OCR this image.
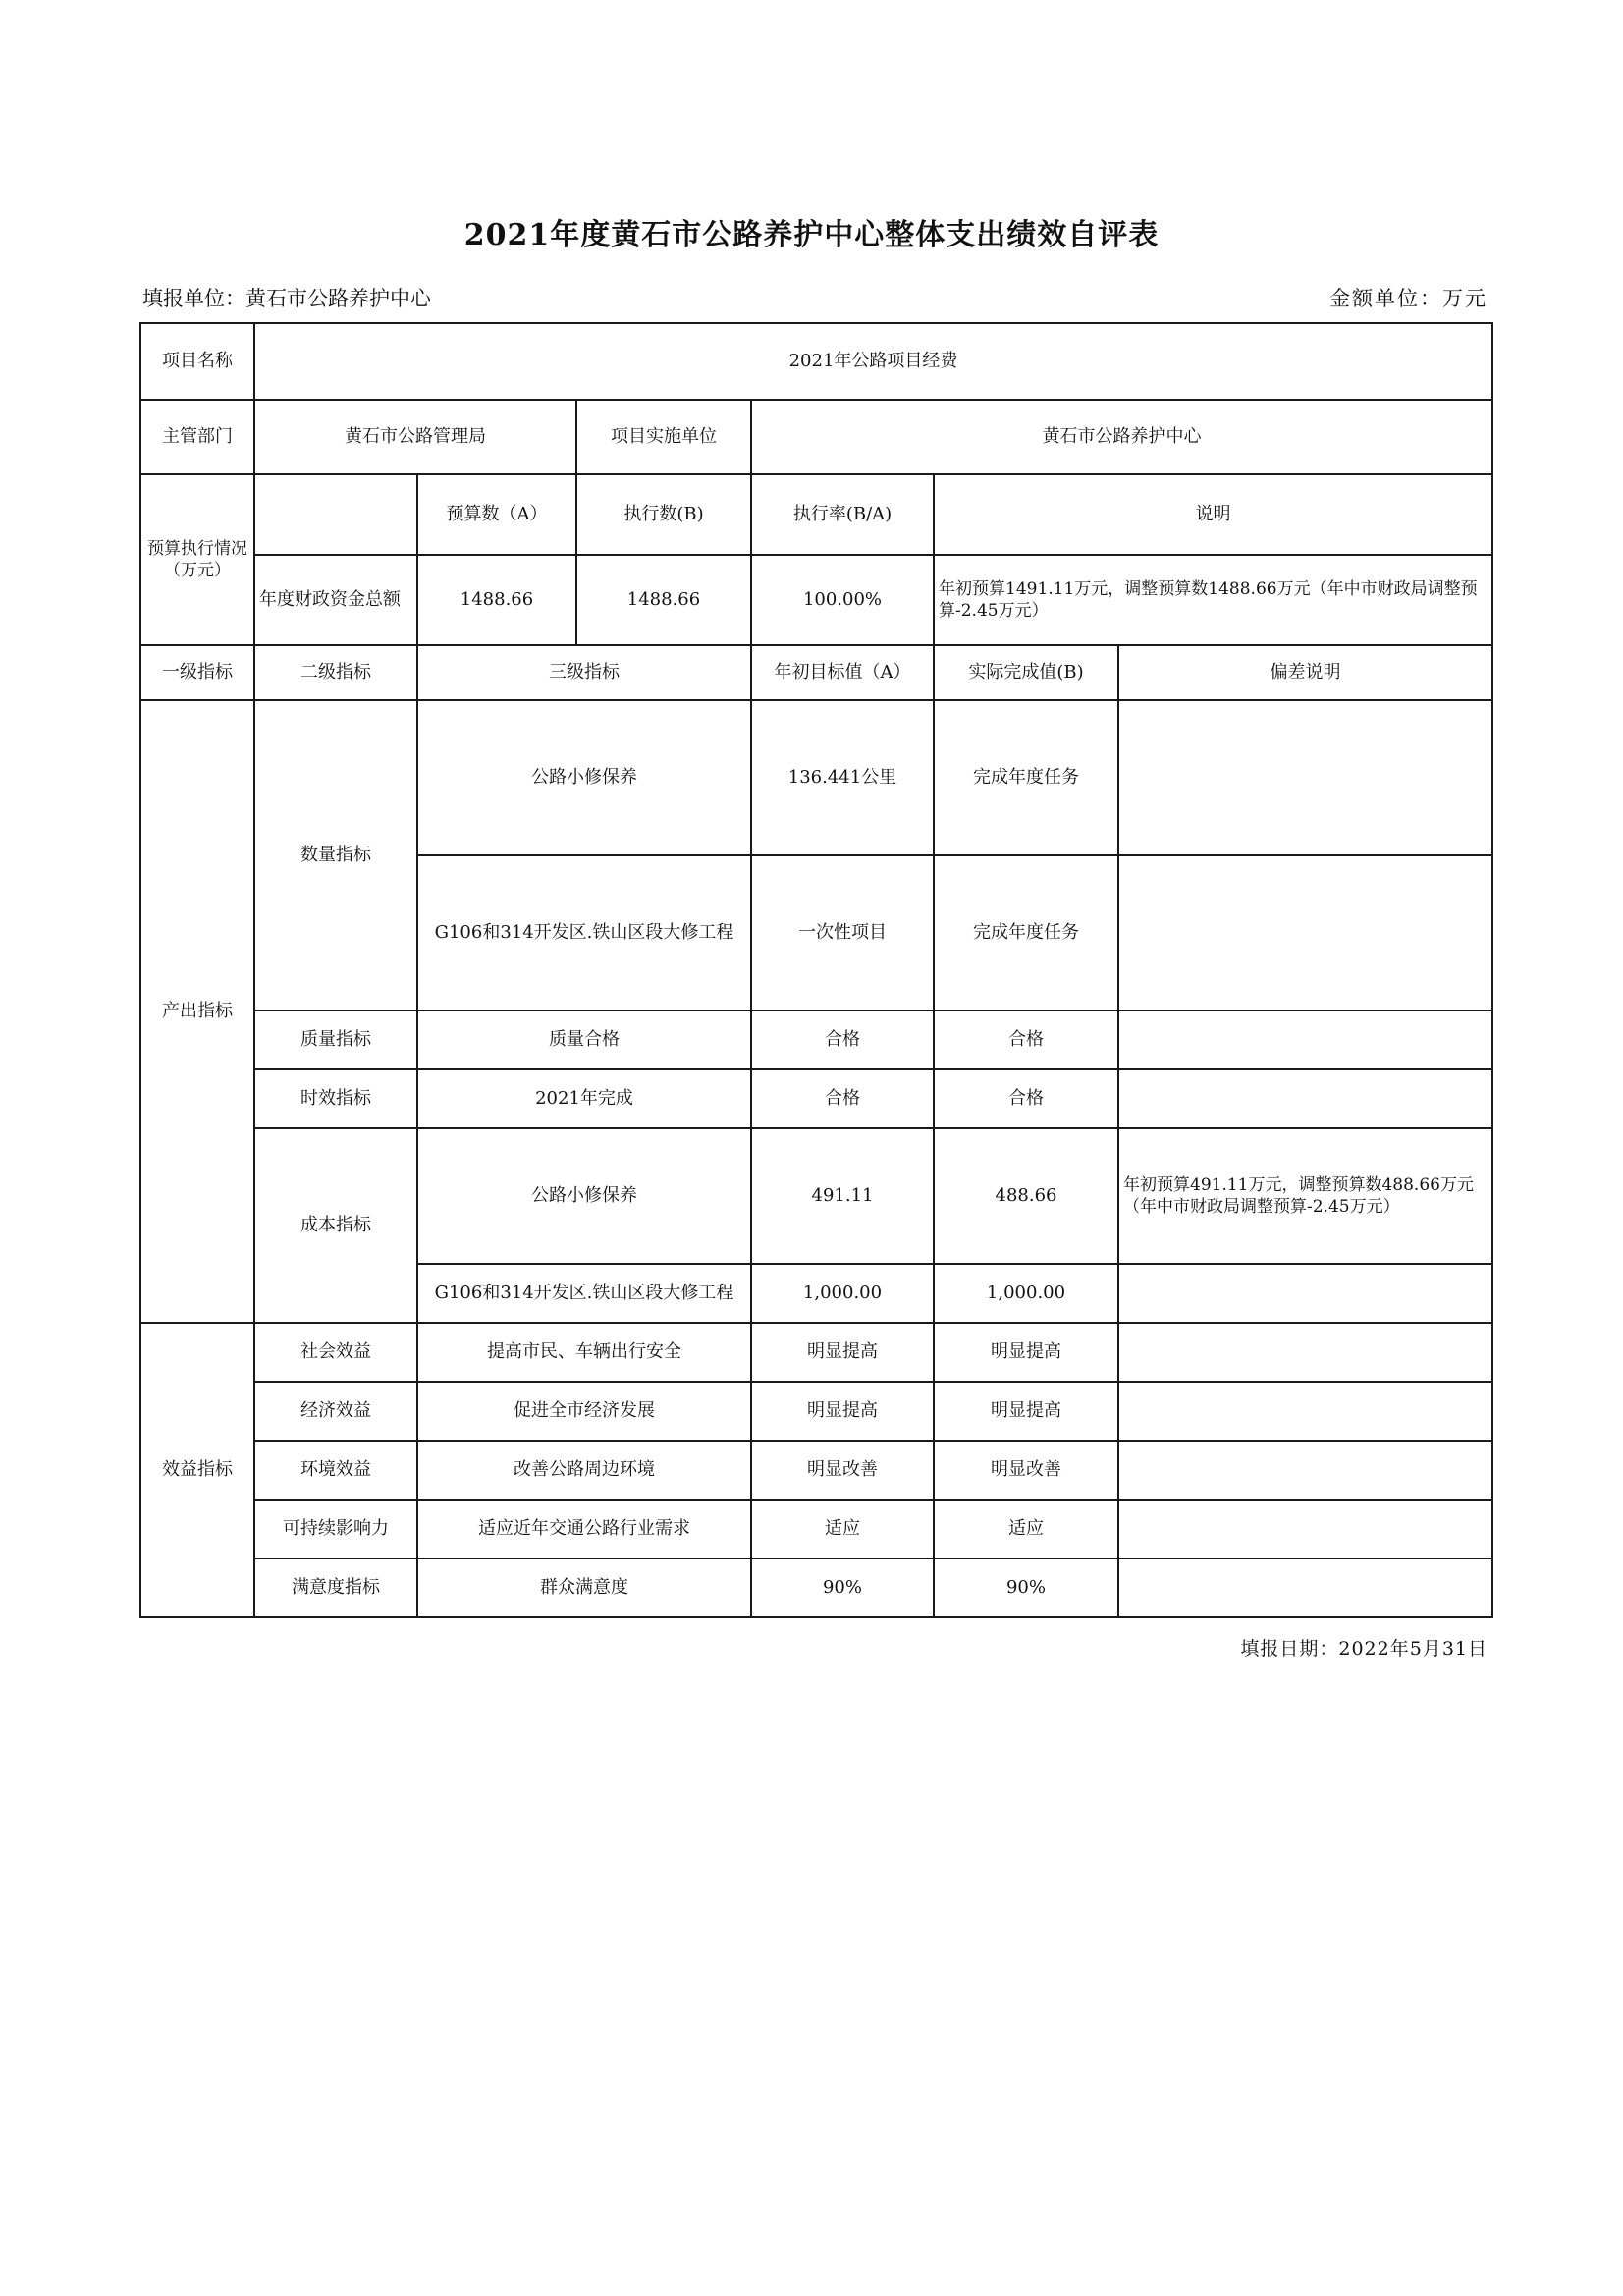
2021年度黄石市公路养护中心整体支出绩效自评表
填报单位：黄石市公路养护中心	金额单位：万元
项目名称	2021年公路项目经费					
主管部门	黄石市公路管理局		项目实施单位	黄石市公路养护中心		
预算执行情况（万元）		预算数（A）	执行数(B)	执行率(B/A)	说明	
	年度财政资金总额	1488.66	1488.66	100.00%	年初预算1491.11万元，调整预算数1488.66万元（年中市财政局调整预算-2.45万元）	
一级指标	二级指标	三级指标		年初目标值（A）	实际完成值(B)	偏差说明
产出指标	数量指标	公路小修保养		136.441公里	完成年度任务	
		G106和314开发区.铁山区段大修工程		一次性项目	完成年度任务	
	质量指标	质量合格		合格	合格	
	时效指标	2021年完成		合格	合格	
	成本指标	公路小修保养		491.11	488.66	年初预算491.11万元，调整预算数488.66万元（年中市财政局调整预算-2.45万元）
		G106和314开发区.铁山区段大修工程		1,000.00	1,000.00	

效益指标	社会效益	提高市民、车辆出行安全		明显提高	明显提高	
	经济效益	促进全市经济发展		明显提高	明显提高	
	环境效益	改善公路周边环境		明显改善	明显改善	
	可持续影响力	适应近年交通公路行业需求		适应	适应	
	满意度指标	群众满意度		90%	90%	
填报日期：2022年5月31日
